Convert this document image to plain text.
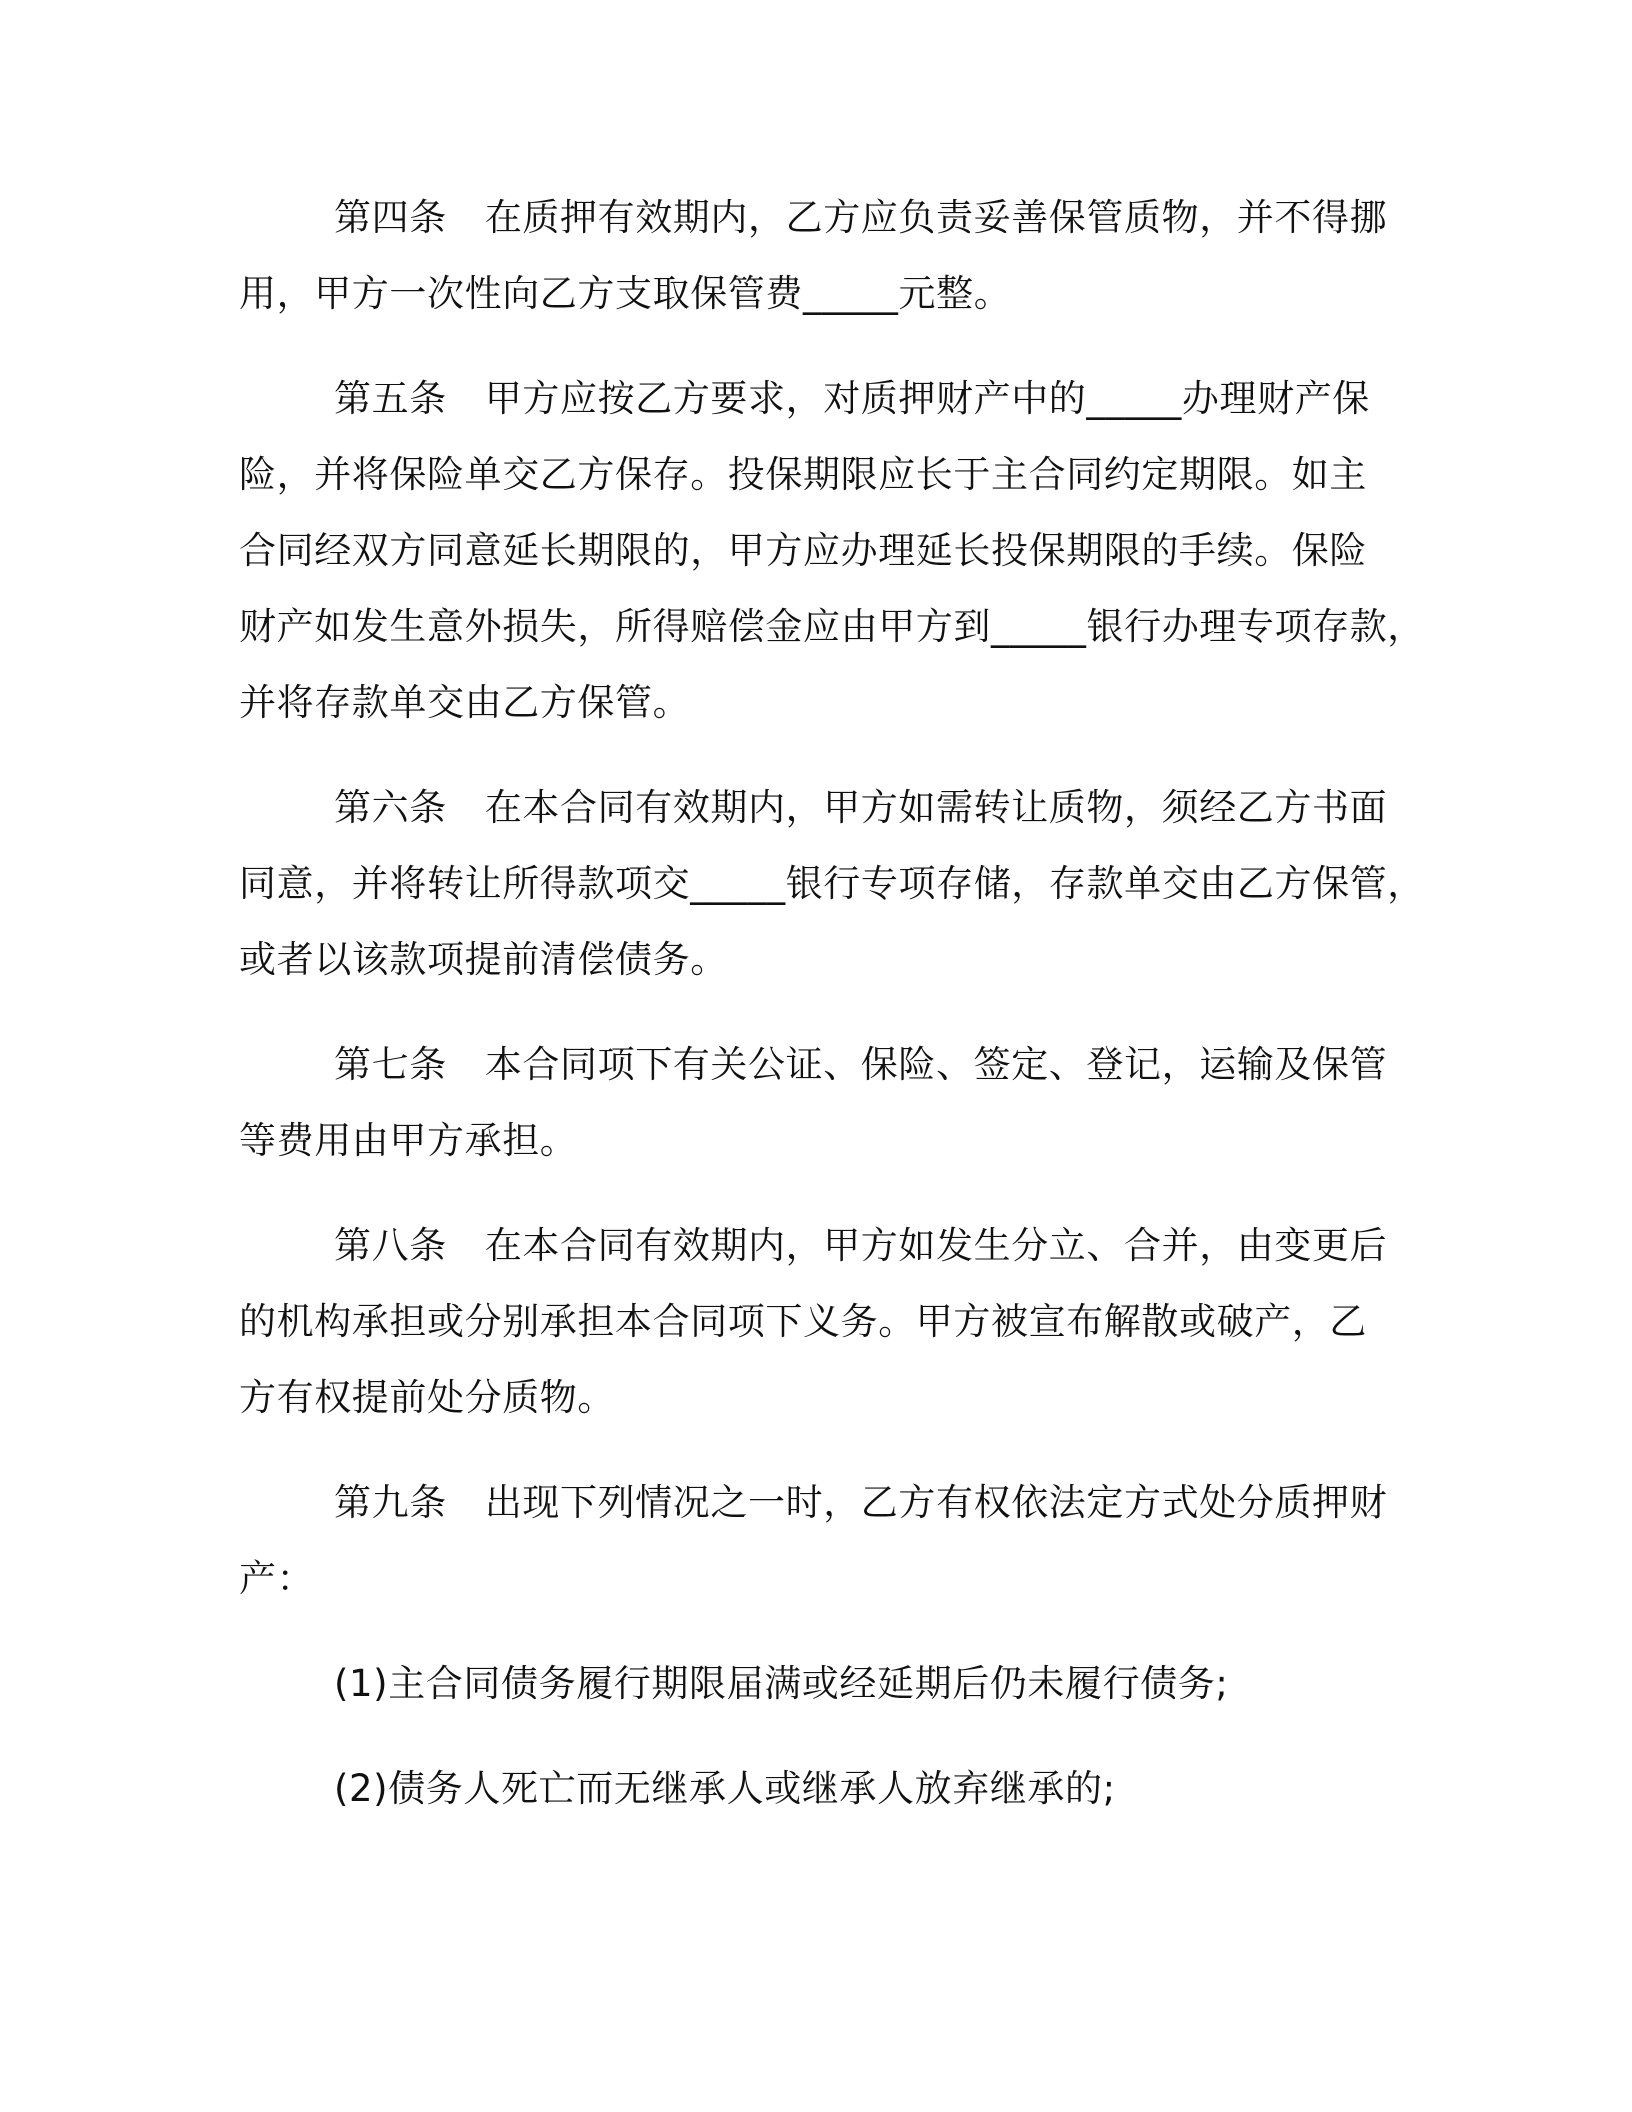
第四条 在质押有效期内，乙方应负责妥善保管质物，并不得挪
用，甲方一次性向乙方支取保管费_____元整。
第五条 甲方应按乙方要求，对质押财产中的_____办理财产保
险，并将保险单交乙方保存。投保期限应长于主合同约定期限。如主
合同经双方同意延长期限的，甲方应办理延长投保期限的手续。保险
财产如发生意外损失，所得赔偿金应由甲方到_____银行办理专项存款，
并将存款单交由乙方保管。
第六条 在本合同有效期内，甲方如需转让质物，须经乙方书面
同意，并将转让所得款项交_____银行专项存储，存款单交由乙方保管，
或者以该款项提前清偿债务。
第七条 本合同项下有关公证、保险、签定、登记，运输及保管
等费用由甲方承担。
第八条 在本合同有效期内，甲方如发生分立、合并，由变更后
的机构承担或分别承担本合同项下义务。甲方被宣布解散或破产，乙
方有权提前处分质物。
第九条 出现下列情况之一时，乙方有权依法定方式处分质押财
产：
(1)主合同债务履行期限届满或经延期后仍未履行债务;
(2)债务人死亡而无继承人或继承人放弃继承的;
